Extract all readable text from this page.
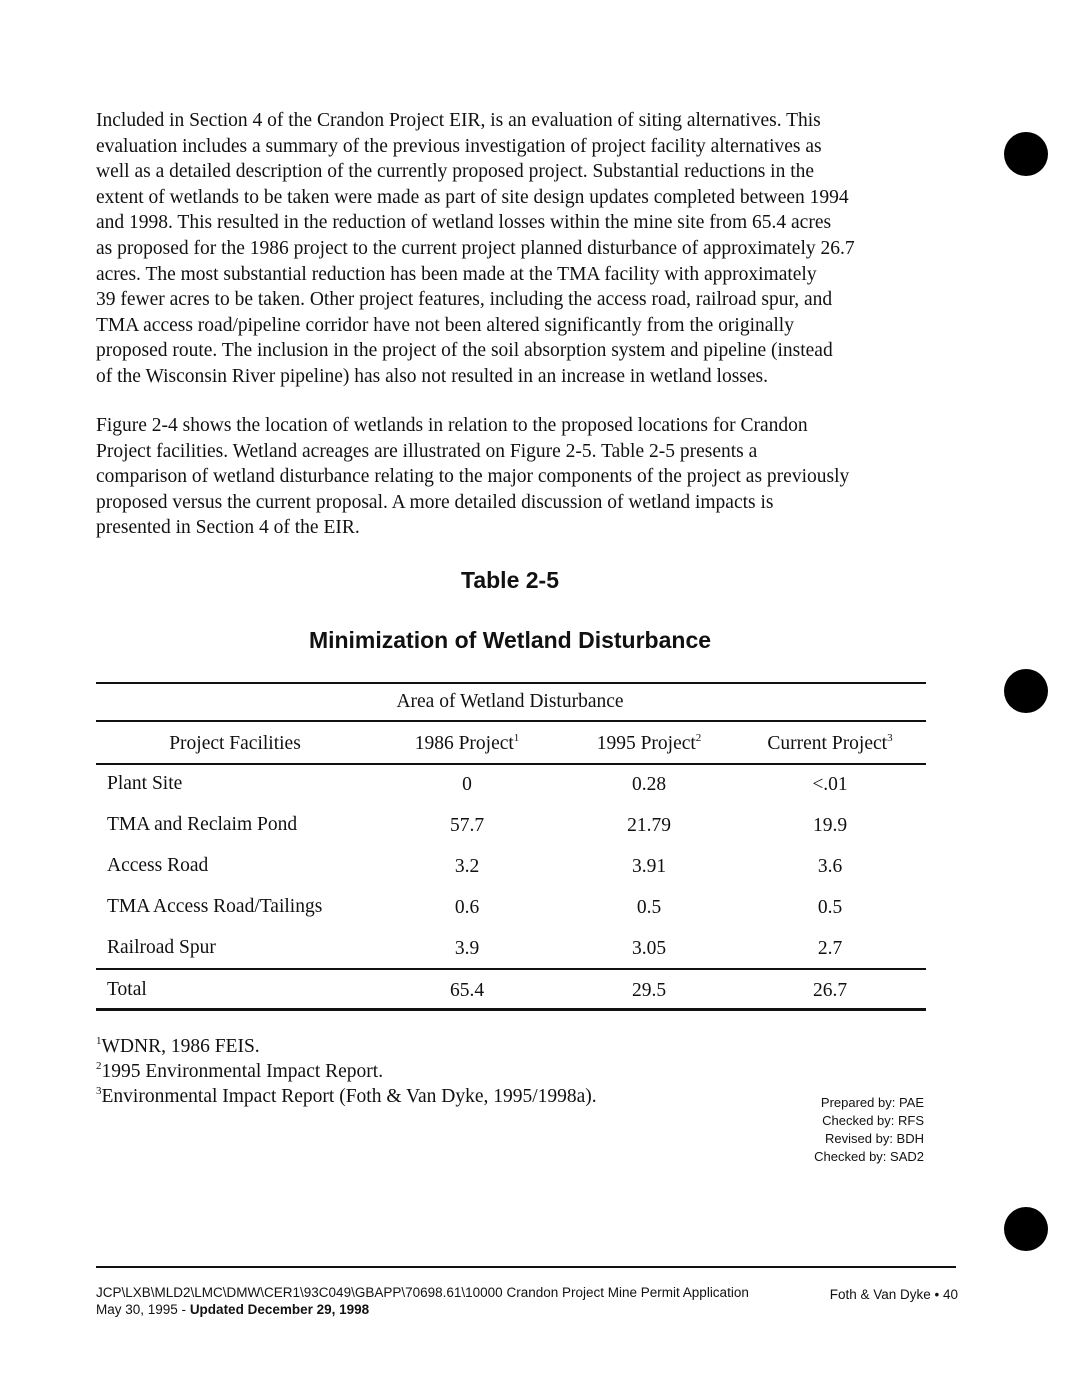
Included in Section 4 of the Crandon Project EIR, is an evaluation of siting alternatives. This
evaluation includes a summary of the previous investigation of project facility alternatives as
well as a detailed description of the currently proposed project. Substantial reductions in the
extent of wetlands to be taken were made as part of site design updates completed between 1994
and 1998. This resulted in the reduction of wetland losses within the mine site from 65.4 acres
as proposed for the 1986 project to the current project planned disturbance of approximately 26.7
acres. The most substantial reduction has been made at the TMA facility with approximately
39 fewer acres to be taken. Other project features, including the access road, railroad spur, and
TMA access road/pipeline corridor have not been altered significantly from the originally
proposed route. The inclusion in the project of the soil absorption system and pipeline (instead
of the Wisconsin River pipeline) has also not resulted in an increase in wetland losses.

Figure 2-4 shows the location of wetlands in relation to the proposed locations for Crandon
Project facilities. Wetland acreages are illustrated on Figure 2-5. Table 2-5 presents a
comparison of wetland disturbance relating to the major components of the project as previously
proposed versus the current proposal. A more detailed discussion of wetland impacts is
presented in Section 4 of the EIR.

Table 2-5
Minimization of Wetland Disturbance
Area of Wetland Disturbance
Project Facilities	1986 Project$^1$	1995 Project$^2$	Current Project$^3$
Plant Site	0	0.28	<.01
TMA and Reclaim Pond	57.7	21.79	19.9
Access Road	3.2	3.91	3.6
TMA Access Road/Tailings	0.6	0.5	0.5
Railroad Spur	3.9	3.05	2.7
Total	65.4	29.5	26.7
$^1$WDNR, 1986 FEIS.
$^2$1995 Environmental Impact Report.
$^3$Environmental Impact Report (Foth & Van Dyke, 1995/1998a).	Prepared by: PAE
Checked by: RFS
Revised by: BDH
Checked by: SAD2
JCP\LXB\MLD2\LMC\DMW\CER1\93C049\GBAPP\70698.61\10000 Crandon Project Mine Permit Application
May 30, 1995 - Updated December 29, 1998
Foth & Van Dyke • 40
